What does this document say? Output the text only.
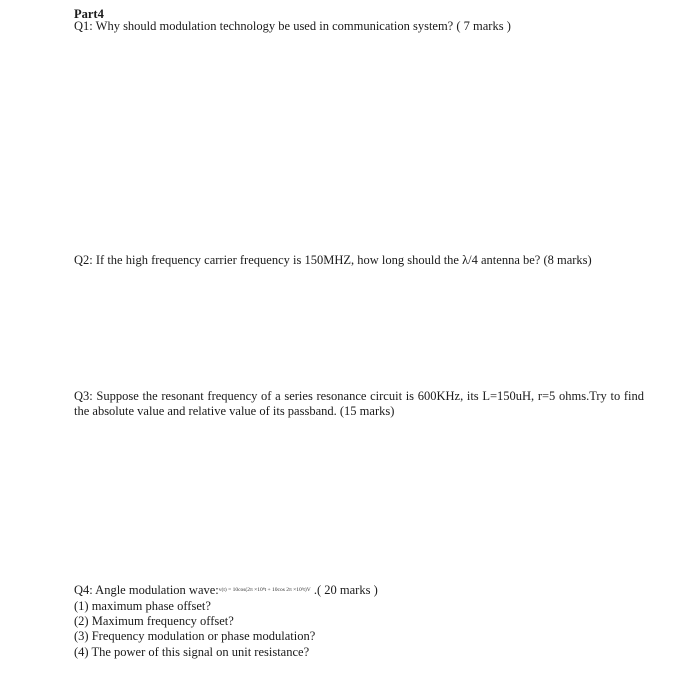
Part4
Q1: Why should modulation technology be used in communication system? ( 7 marks )
Q2: If the high frequency carrier frequency is 150MHZ, how long should the λ/4 antenna be? (8 marks)
Q3: Suppose the resonant frequency of a series resonance circuit is 600KHz, its L=150uH, r=5 ohms.Try to find the absolute value and relative value of its passband. (15 marks)
Q4: Angle modulation wave:$^{v(t) = 10cos(2\pi \times 10^8t + 10cos 2\pi \times 10^3t)V}$ .( 20 marks )
(1) maximum phase offset?
(2) Maximum frequency offset?
(3) Frequency modulation or phase modulation?
(4) The power of this signal on unit resistance?
